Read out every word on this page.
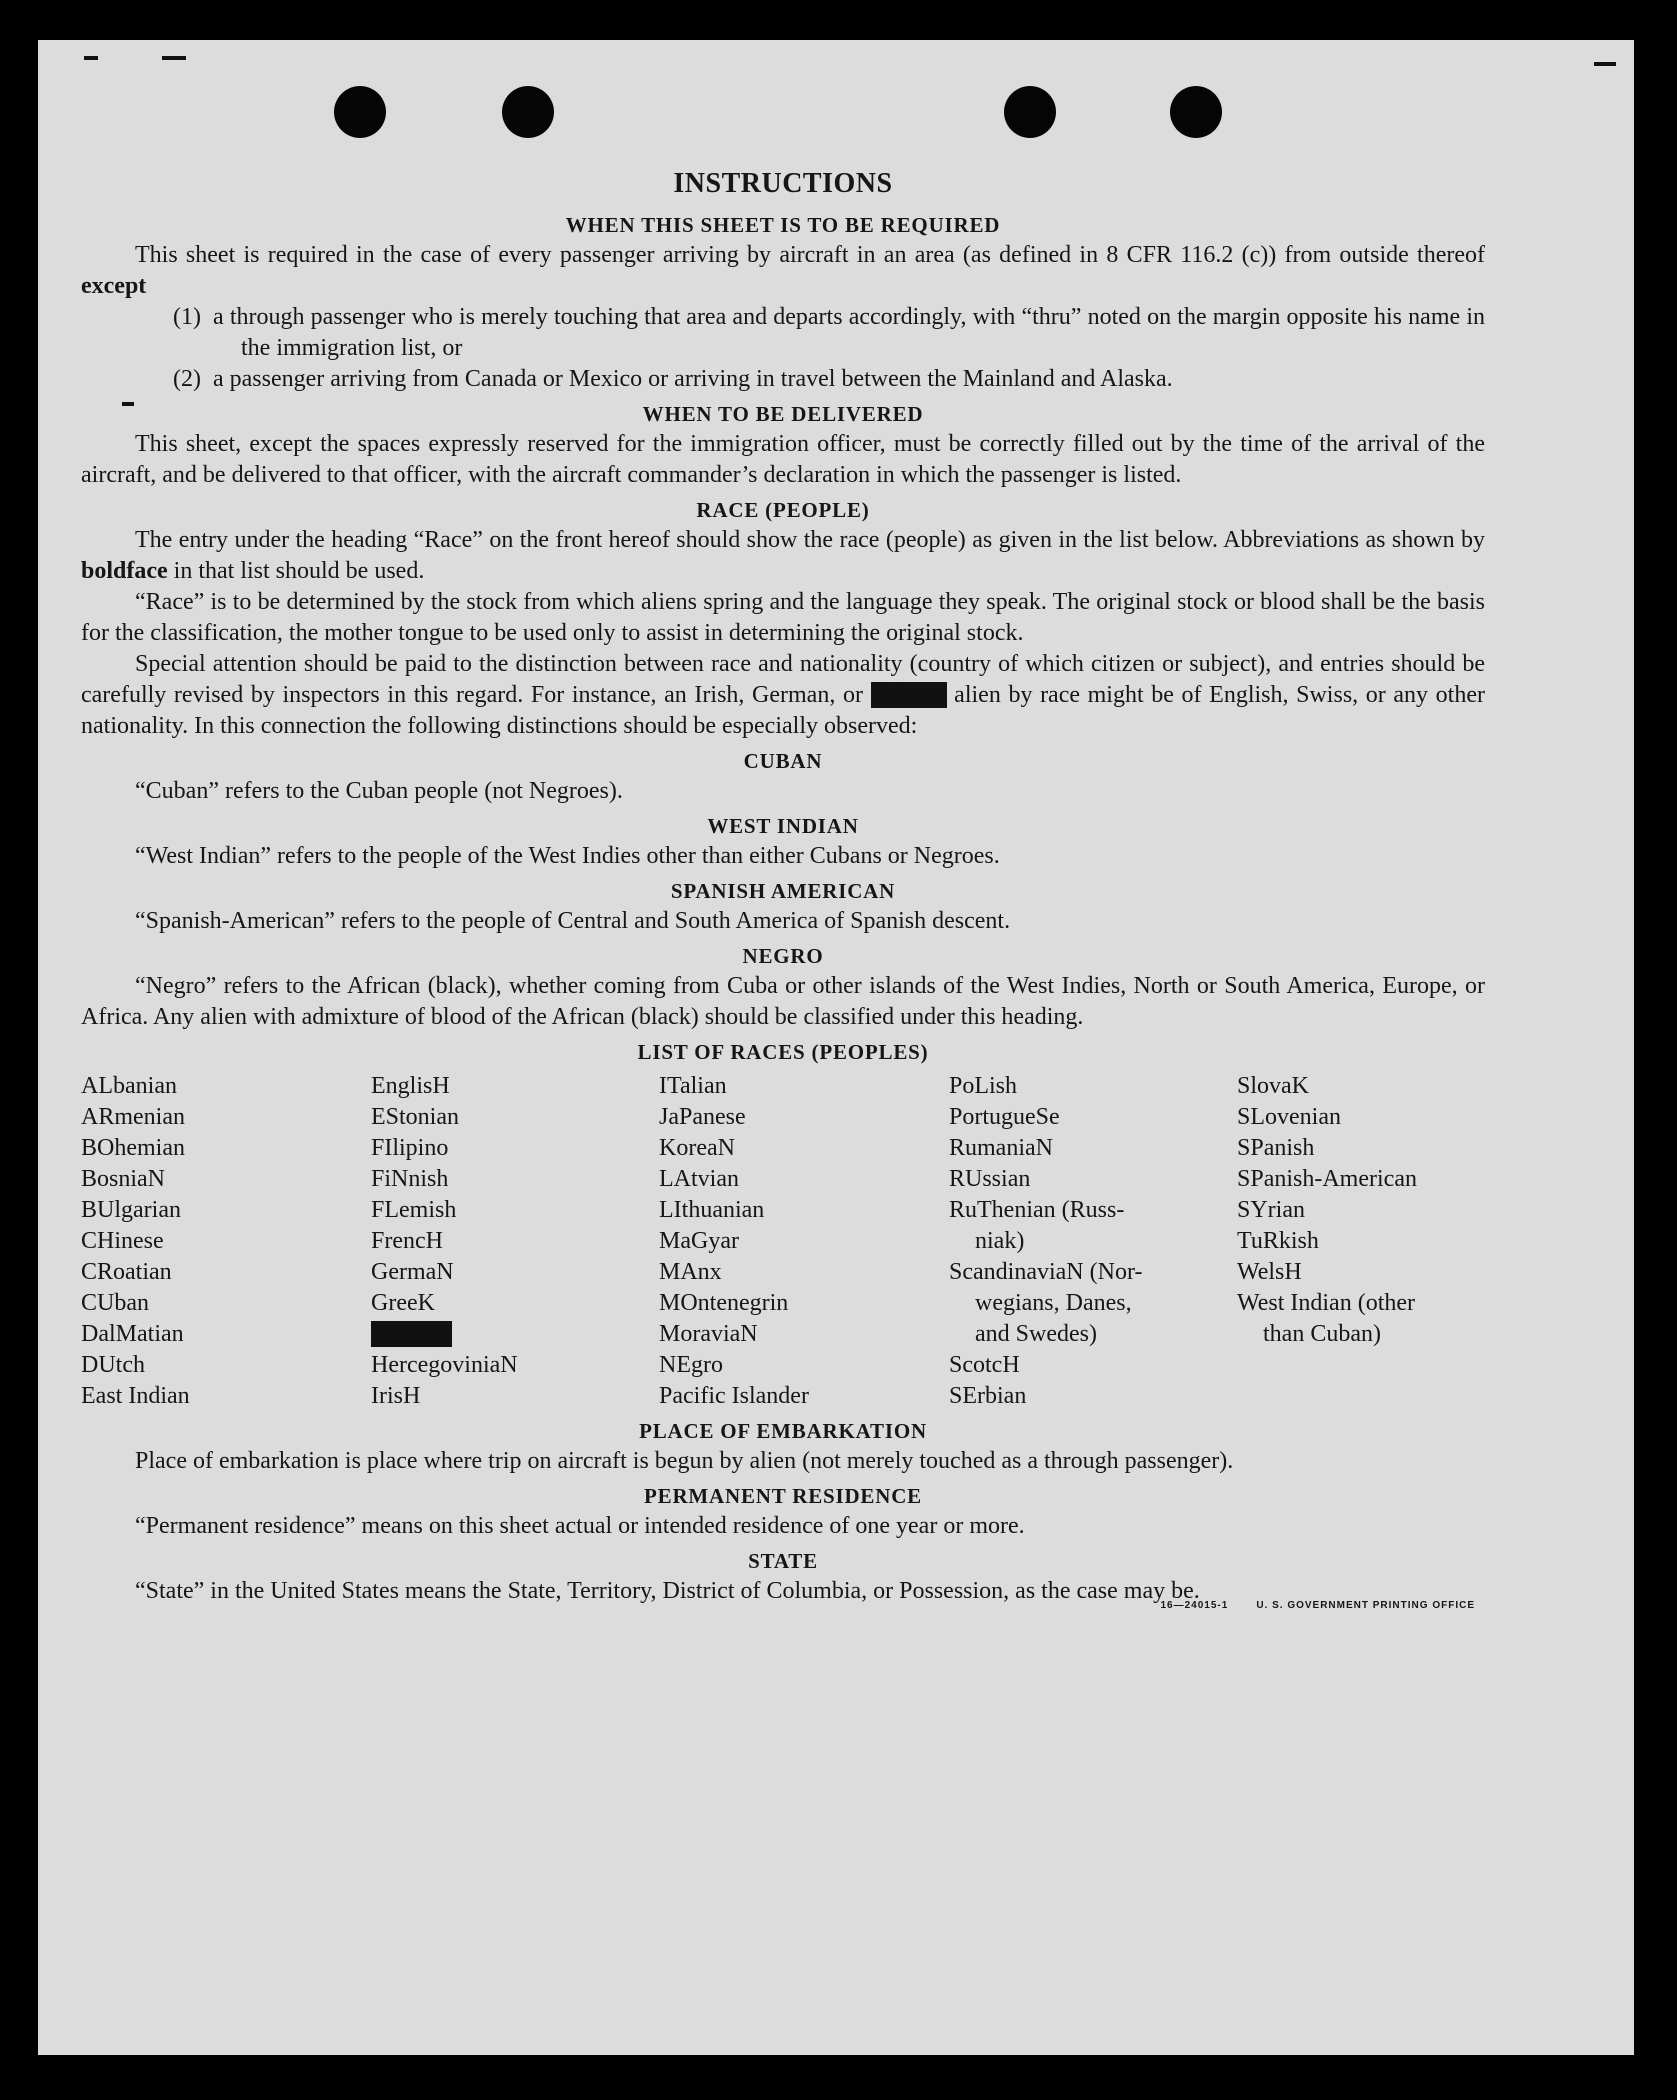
INSTRUCTIONS
WHEN THIS SHEET IS TO BE REQUIRED

This sheet is required in the case of every passenger arriving by aircraft in an area (as defined in 8 CFR 116.2 (c)) from outside thereof except

(1) a through passenger who is merely touching that area and departs accordingly, with “thru” noted on the margin opposite his name in the immigration list, or
(2) a passenger arriving from Canada or Mexico or arriving in travel between the Mainland and Alaska.
WHEN TO BE DELIVERED

This sheet, except the spaces expressly reserved for the immigration officer, must be correctly filled out by the time of the arrival of the aircraft, and be delivered to that officer, with the aircraft commander’s declaration in which the passenger is listed.

RACE (PEOPLE)

The entry under the heading “Race” on the front hereof should show the race (people) as given in the list below. Abbreviations as shown by boldface in that list should be used.

“Race” is to be determined by the stock from which aliens spring and the language they speak. The original stock or blood shall be the basis for the classification, the mother tongue to be used only to assist in determining the original stock.

Special attention should be paid to the distinction between race and nationality (country of which citizen or subject), and entries should be carefully revised by inspectors in this regard. For instance, an Irish, German, or Hebrew alien by race might be of English, Swiss, or any other nationality. In this connection the following distinctions should be especially observed:

CUBAN

“Cuban” refers to the Cuban people (not Negroes).

WEST INDIAN

“West Indian” refers to the people of the West Indies other than either Cubans or Negroes.

SPANISH AMERICAN

“Spanish-American” refers to the people of Central and South America of Spanish descent.

NEGRO

“Negro” refers to the African (black), whether coming from Cuba or other islands of the West Indies, North or South America, Europe, or Africa. Any alien with admixture of blood of the African (black) should be classified under this heading.

LIST OF RACES (PEOPLES)
ALbanian
ARmenian
BOhemian
BosniaN
BUlgarian
CHinese
CRoatian
CUban
DalMatian
DUtch
East Indian
EnglisH
EStonian
FIlipino
FiNnish
FLemish
FrencH
GermaN
GreeK
HebreW
HercegoviniaN
IrisH
ITalian
JaPanese
KoreaN
LAtvian
LIthuanian
MaGyar
MAnx
MOntenegrin
MoraviaN
NEgro
Pacific Islander
PoLish
PortugueSe
RumaniaN
RUssian
RuThenian (Russ-
niak)
ScandinaviaN (Nor-
wegians, Danes,
and Swedes)
ScotcH
SErbian
SlovaK
SLovenian
SPanish
SPanish-American
SYrian
TuRkish
WelsH
West Indian (other
than Cuban)
PLACE OF EMBARKATION

Place of embarkation is place where trip on aircraft is begun by alien (not merely touched as a through passenger).

PERMANENT RESIDENCE

“Permanent residence” means on this sheet actual or intended residence of one year or more.

STATE

“State” in the United States means the State, Territory, District of Columbia, or Possession, as the case may be.

16—24015-1	U. S. GOVERNMENT PRINTING OFFICE
